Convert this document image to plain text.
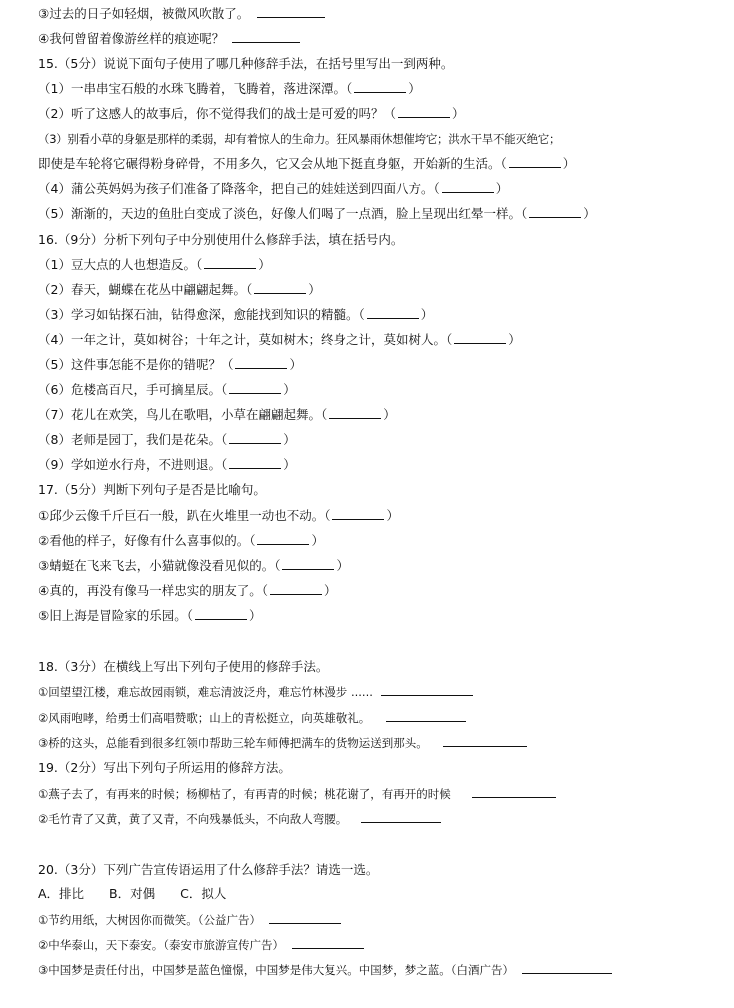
③过去的日子如轻烟，被微风吹散了。
④我何曾留着像游丝样的痕迹呢？
15.（5分）说说下面句子使用了哪几种修辞手法，在括号里写出一到两种。
（1）一串串宝石般的水珠飞腾着，飞腾着，落进深潭。（	）
（2）听了这感人的故事后，你不觉得我们的战士是可爱的吗？（	）
（3）别看小草的身躯是那样的柔弱，却有着惊人的生命力。狂风暴雨休想催垮它；洪水干旱不能灭绝它；
即使是车轮将它碾得粉身碎骨，不用多久，它又会从地下挺直身躯，开始新的生活。（	）
（4）蒲公英妈妈为孩子们准备了降落伞，把自己的娃娃送到四面八方。（	）
（5）渐渐的，天边的鱼肚白变成了淡色，好像人们喝了一点酒，脸上呈现出红晕一样。（	）
16.（9分）分析下列句子中分别使用什么修辞手法，填在括号内。
（1）豆大点的人也想造反。（	）
（2）春天，蝴蝶在花丛中翩翩起舞。（	）
（3）学习如钻探石油，钻得愈深，愈能找到知识的精髓。（	）
（4）一年之计，莫如树谷；十年之计，莫如树木；终身之计，莫如树人。（	）
（5）这件事怎能不是你的错呢？（	）
（6）危楼高百尺，手可摘星辰。（	）
（7）花儿在欢笑，鸟儿在歌唱，小草在翩翩起舞。（	）
（8）老师是园丁，我们是花朵。（	）
（9）学如逆水行舟，不进则退。（	）
17.（5分）判断下列句子是否是比喻句。
①邱少云像千斤巨石一般，趴在火堆里一动也不动。（	）
②看他的样子，好像有什么喜事似的。（	）
③蜻蜓在飞来飞去，小猫就像没看见似的。（	）
④真的，再没有像马一样忠实的朋友了。（	）
⑤旧上海是冒险家的乐园。（	）
18.（3分）在横线上写出下列句子使用的修辞手法。
①回望望江楼，难忘故园雨锁，难忘清波泛舟，难忘竹林漫步 ......
②风雨咆哮，给勇士们高唱赞歌；山上的青松挺立，向英雄敬礼。
③桥的这头，总能看到很多红领巾帮助三轮车师傅把满车的货物运送到那头。
19.（2分）写出下列句子所运用的修辞方法。
①燕子去了，有再来的时候；杨柳枯了，有再青的时候；桃花谢了，有再开的时候
②毛竹青了又黄，黄了又青，不向残暴低头，不向敌人弯腰。
20.（3分）下列广告宣传语运用了什么修辞手法？请选一选。
A．排比　　B．对偶　　C．拟人
①节约用纸，大树因你而微笑。（公益广告）
②中华泰山，天下泰安。（泰安市旅游宣传广告）
③中国梦是责任付出，中国梦是蓝色憧憬，中国梦是伟大复兴。中国梦，梦之蓝。（白酒广告）
